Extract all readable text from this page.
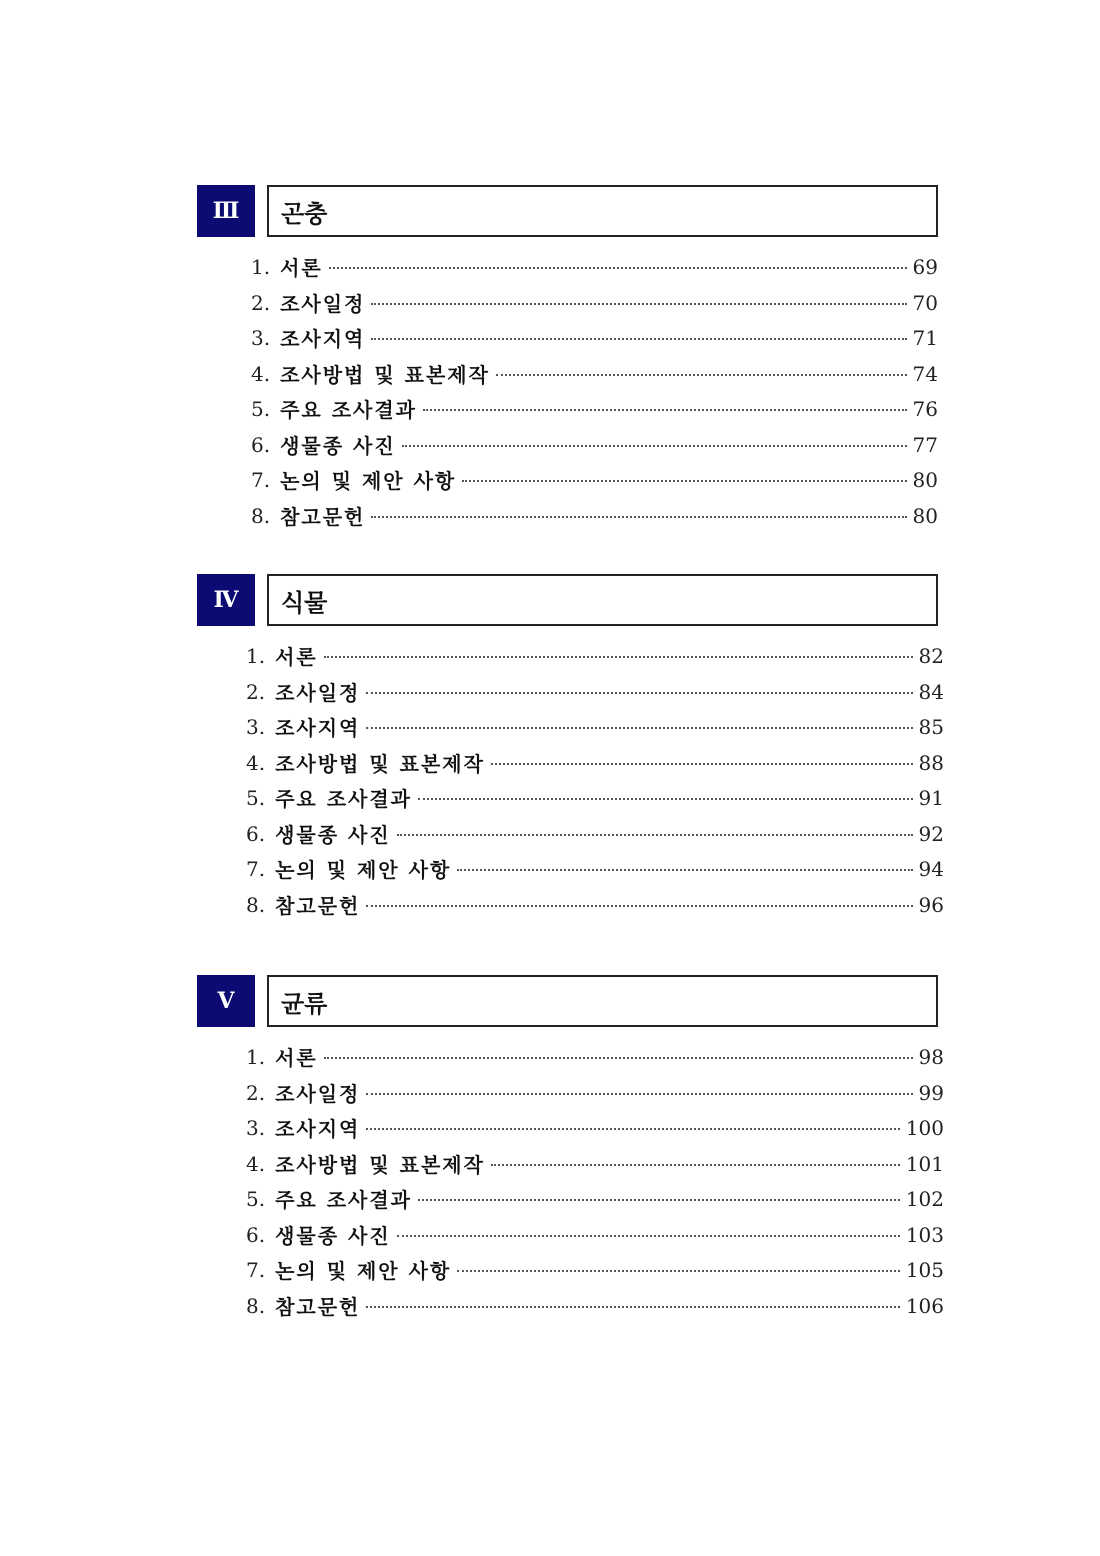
Ⅲ	곤충
1. 서론	69
2. 조사일정	70
3. 조사지역	71
4. 조사방법 및 표본제작	74
5. 주요 조사결과	76
6. 생물종 사진	77
7. 논의 및 제안 사항	80
8. 참고문헌	80
Ⅳ	식물
1. 서론	82
2. 조사일정	84
3. 조사지역	85
4. 조사방법 및 표본제작	88
5. 주요 조사결과	91
6. 생물종 사진	92
7. 논의 및 제안 사항	94
8. 참고문헌	96
Ⅴ	균류
1. 서론	98
2. 조사일정	99
3. 조사지역	100
4. 조사방법 및 표본제작	101
5. 주요 조사결과	102
6. 생물종 사진	103
7. 논의 및 제안 사항	105
8. 참고문헌	106
